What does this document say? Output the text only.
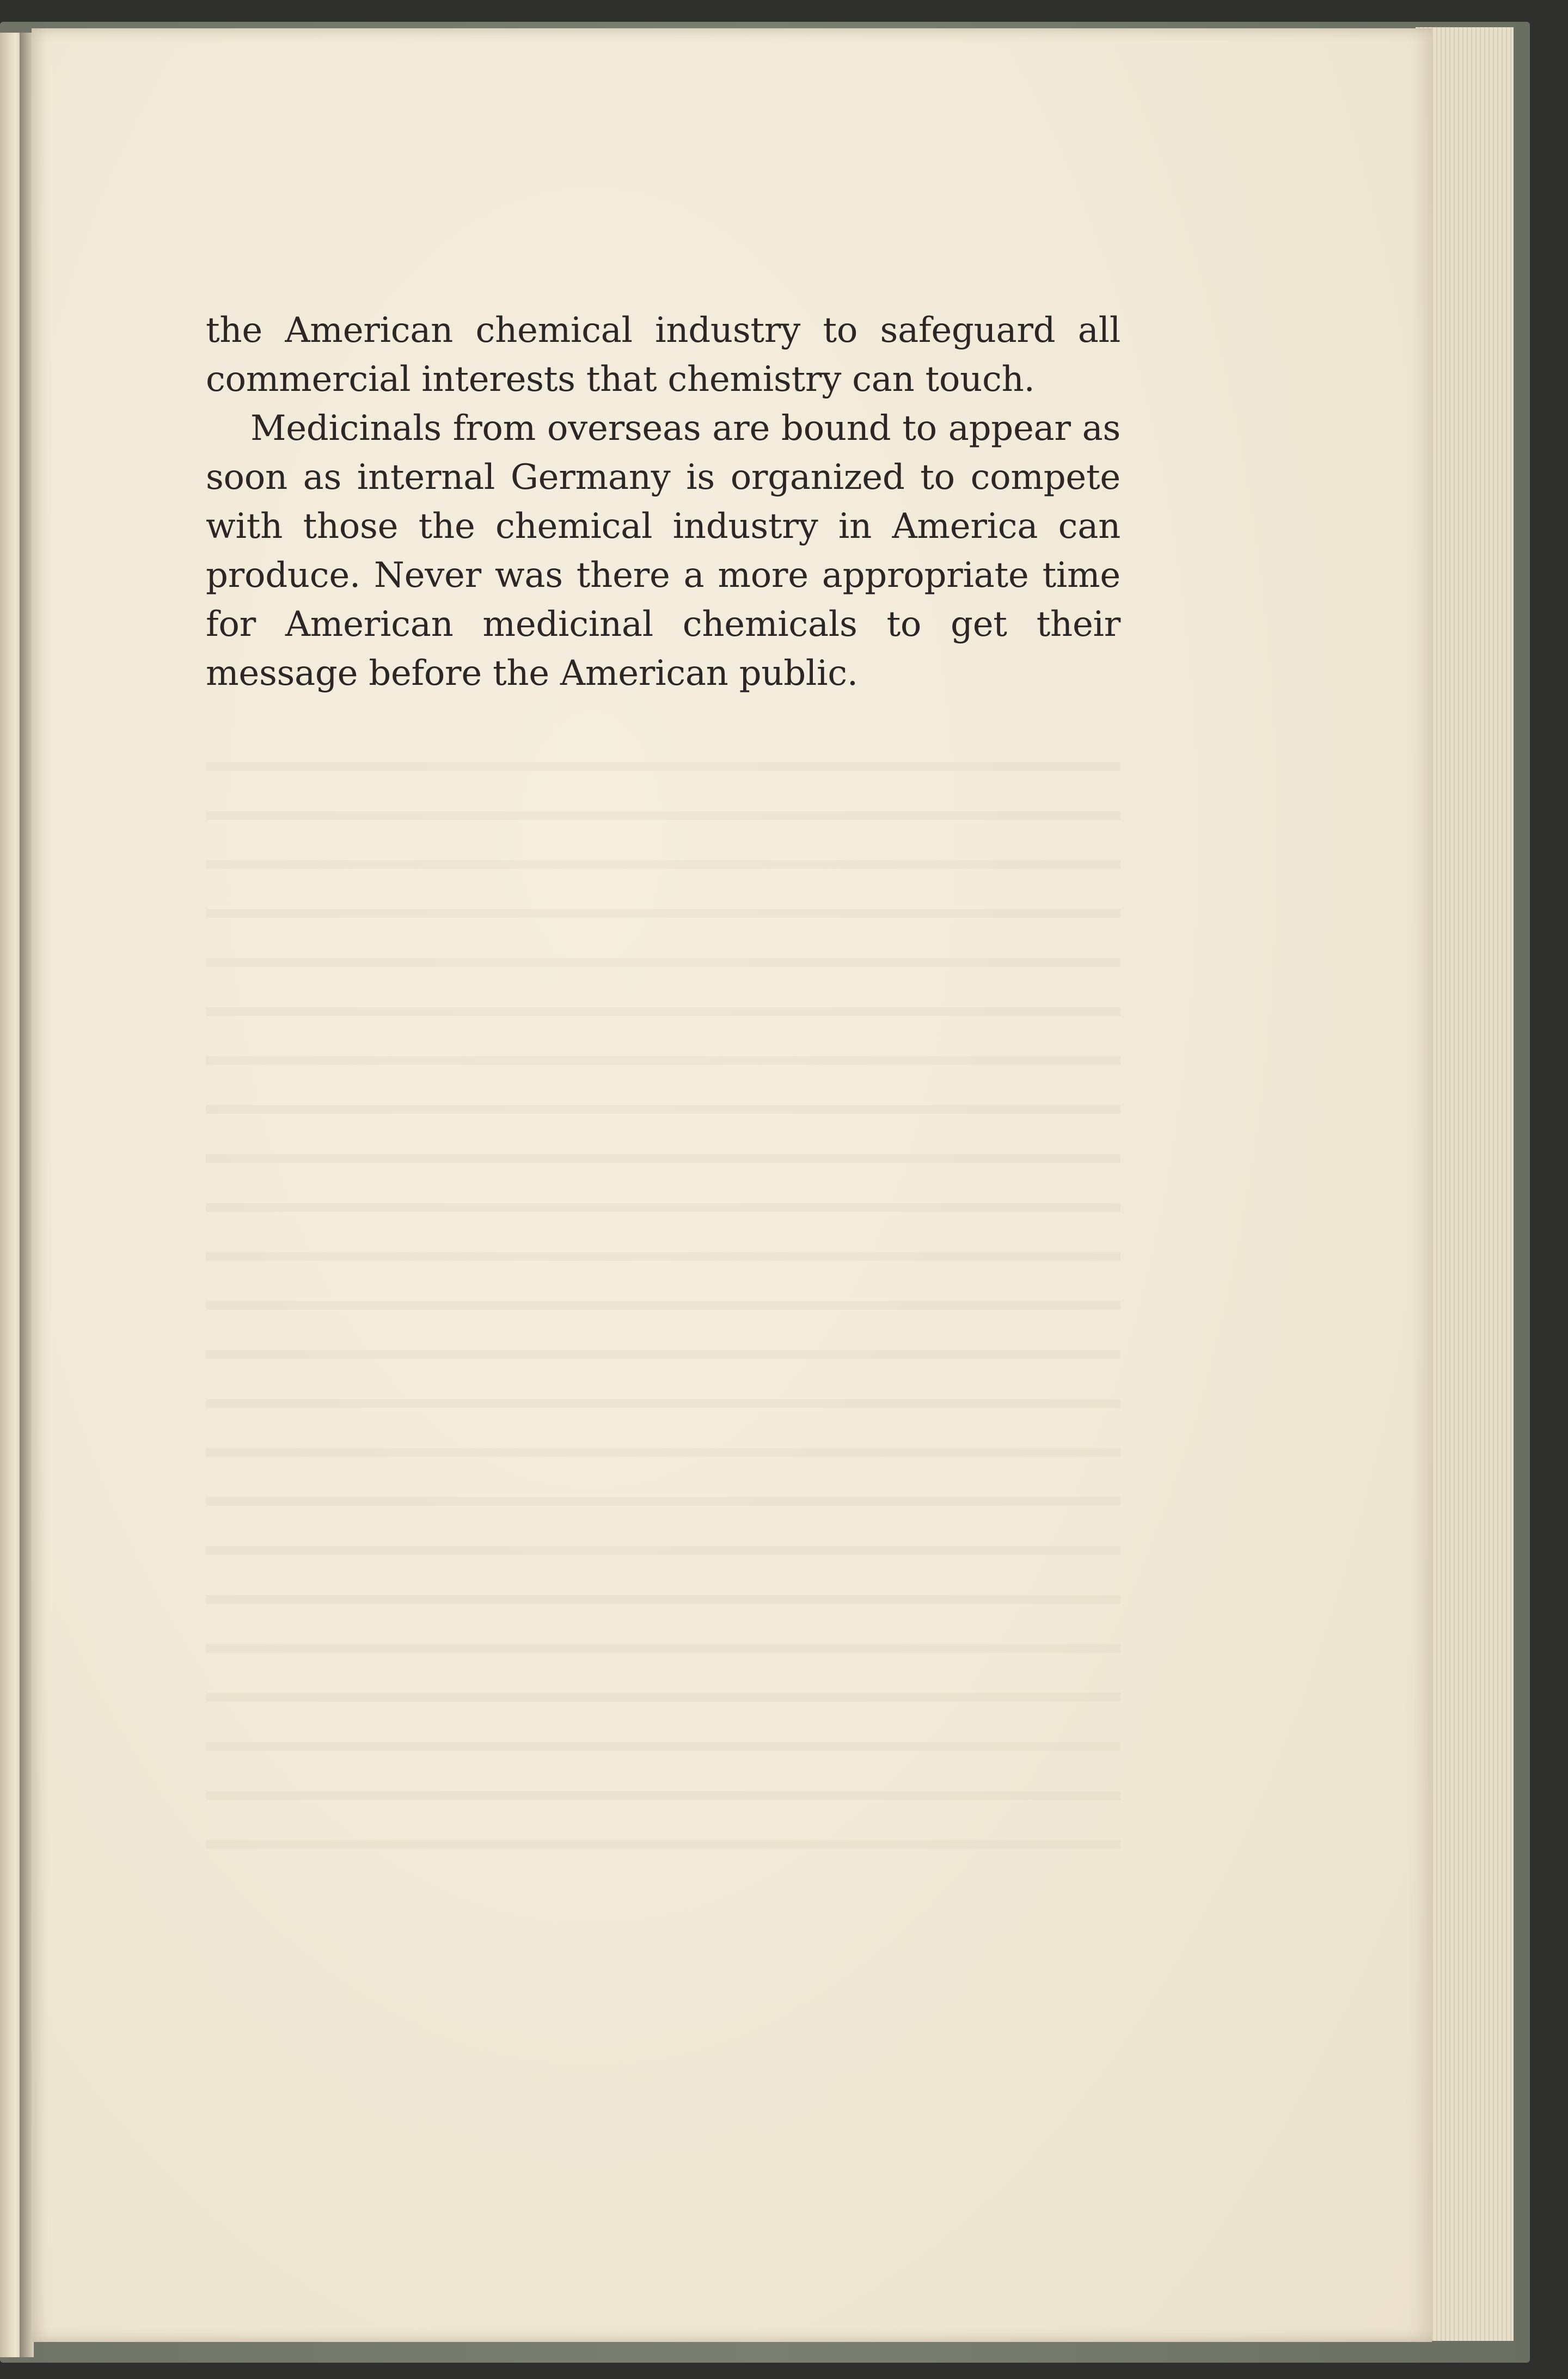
the American chemical industry to safeguard all commercial interests that chemistry can touch.

Medicinals from overseas are bound to appear as soon as internal Germany is organized to compete with those the chemical industry in America can produce. Never was there a more appropriate time for American medicinal chemicals to get their message before the American public.
